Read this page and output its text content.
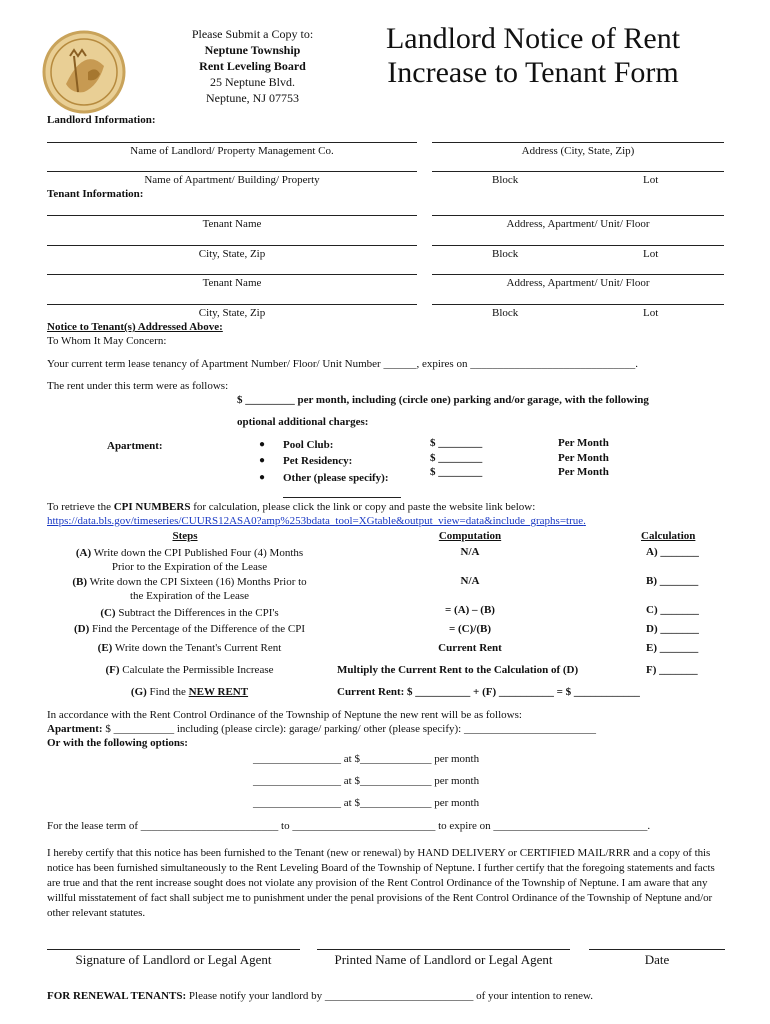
Please Submit a Copy to:
Neptune Township
Rent Leveling Board
25 Neptune Blvd.
Neptune, NJ 07753
Landlord Notice of Rent
Increase to Tenant Form
Landlord Information:
Name of Landlord/ Property Management Co.	Address (City, State, Zip)
Name of Apartment/ Building/ Property	Block	Lot
Tenant Information:
Tenant Name	Address, Apartment/ Unit/ Floor
City, State, Zip	Block	Lot
Tenant Name	Address, Apartment/ Unit/ Floor
City, State, Zip	Block	Lot
Notice to Tenant(s) Addressed Above:
To Whom It May Concern:
Your current term lease tenancy of Apartment Number/ Floor/ Unit Number ______, expires on ______________________________.
The rent under this term were as follows:
$ _________ per month, including (circle one) parking and/or garage, with the following
optional additional charges:
Apartment:	● Pool Club:	$ ________	Per Month
● Pet Residency:	$ ________	Per Month
● Other (please specify):	$ ________	Per Month
To retrieve the CPI NUMBERS for calculation, please click the link or copy and paste the website link below:
https://data.bls.gov/timeseries/CUURS12ASA0?amp%253bdata_tool=XGtable&output_view=data&include_graphs=true.
Steps	Computation	Calculation
(A) Write down the CPI Published Four (4) Months
Prior to the Expiration of the Lease
N/A	A) _______
(B) Write down the CPI Sixteen (16) Months Prior to
the Expiration of the Lease
N/A	B) _______
(C) Subtract the Differences in the CPI's	= (A) – (B)	C) _______
(D) Find the Percentage of the Difference of the CPI	= (C)/(B)	D) _______
(E) Write down the Tenant's Current Rent	Current Rent	E) _______
(F) Calculate the Permissible Increase	Multiply the Current Rent to the Calculation of (D)	F) _______
(G) Find the NEW RENT	Current Rent: $ __________ + (F) __________ = $ ____________
In accordance with the Rent Control Ordinance of the Township of Neptune the new rent will be as follows:
Apartment: $ ___________ including (please circle): garage/ parking/ other (please specify): ________________________
Or with the following options:
________________ at $_____________ per month
________________ at $_____________ per month
________________ at $_____________ per month
For the lease term of _________________________ to __________________________ to expire on ____________________________.
I hereby certify that this notice has been furnished to the Tenant (new or renewal) by HAND DELIVERY or CERTIFIED MAIL/RRR and a copy of this notice has been furnished simultaneously to the Rent Leveling Board of the Township of Neptune. I further certify that the foregoing statements and facts are true and that the rent increase sought does not violate any provision of the Rent Control Ordinance of the Township of Neptune. I am aware that any willful misstatement of fact shall subject me to punishment under the penal provisions of the Rent Control Ordinance of the Township of Neptune and/or other relevant statutes.
Signature of Landlord or Legal Agent	Printed Name of Landlord or Legal Agent	Date
FOR RENEWAL TENANTS: Please notify your landlord by ___________________________ of your intention to renew.
